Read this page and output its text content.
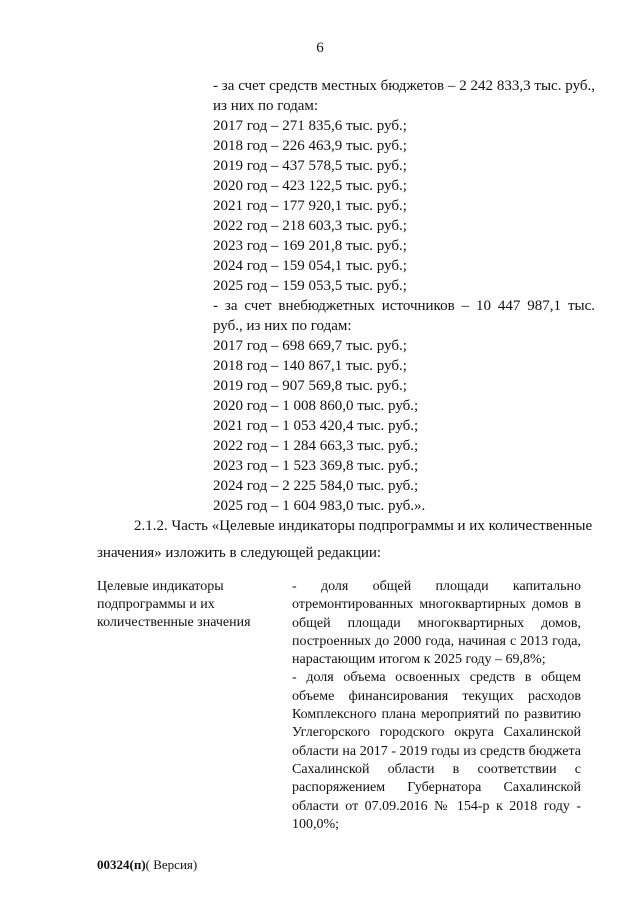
6
- за счет средств местных бюджетов – 2 242 833,3 тыс. руб.,
из них по годам:
2017 год – 271 835,6 тыс. руб.;
2018 год – 226 463,9 тыс. руб.;
2019 год – 437 578,5 тыс. руб.;
2020 год – 423 122,5 тыс. руб.;
2021 год – 177 920,1 тыс. руб.;
2022 год – 218 603,3 тыс. руб.;
2023 год – 169 201,8 тыс. руб.;
2024 год – 159 054,1 тыс. руб.;
2025 год – 159 053,5 тыс. руб.;
- за счет внебюджетных источников – 10 447 987,1 тыс.
руб., из них по годам:
2017 год – 698 669,7 тыс. руб.;
2018 год – 140 867,1 тыс. руб.;
2019 год – 907 569,8 тыс. руб.;
2020 год – 1 008 860,0 тыс. руб.;
2021 год – 1 053 420,4 тыс. руб.;
2022 год – 1 284 663,3 тыс. руб.;
2023 год – 1 523 369,8 тыс. руб.;
2024 год – 2 225 584,0 тыс. руб.;
2025 год – 1 604 983,0 тыс. руб.».
2.1.2. Часть «Целевые индикаторы подпрограммы и их количественные
значения» изложить в следующей редакции:
Целевые индикаторы
подпрограммы и их
количественные значения
- доля общей площади капитально отремонтированных многоквартирных домов в общей площади многоквартирных домов, построенных до 2000 года, начиная с 2013 года, нарастающим итогом к 2025 году – 69,8%;
- доля объема освоенных средств в общем объеме финансирования текущих расходов Комплексного плана мероприятий по развитию Углегорского городского округа Сахалинской области на 2017 - 2019 годы из средств бюджета Сахалинской области в соответствии с распоряжением Губернатора Сахалинской области от 07.09.2016 № 154-р к 2018 году - 100,0%;
00324(п)( Версия)
